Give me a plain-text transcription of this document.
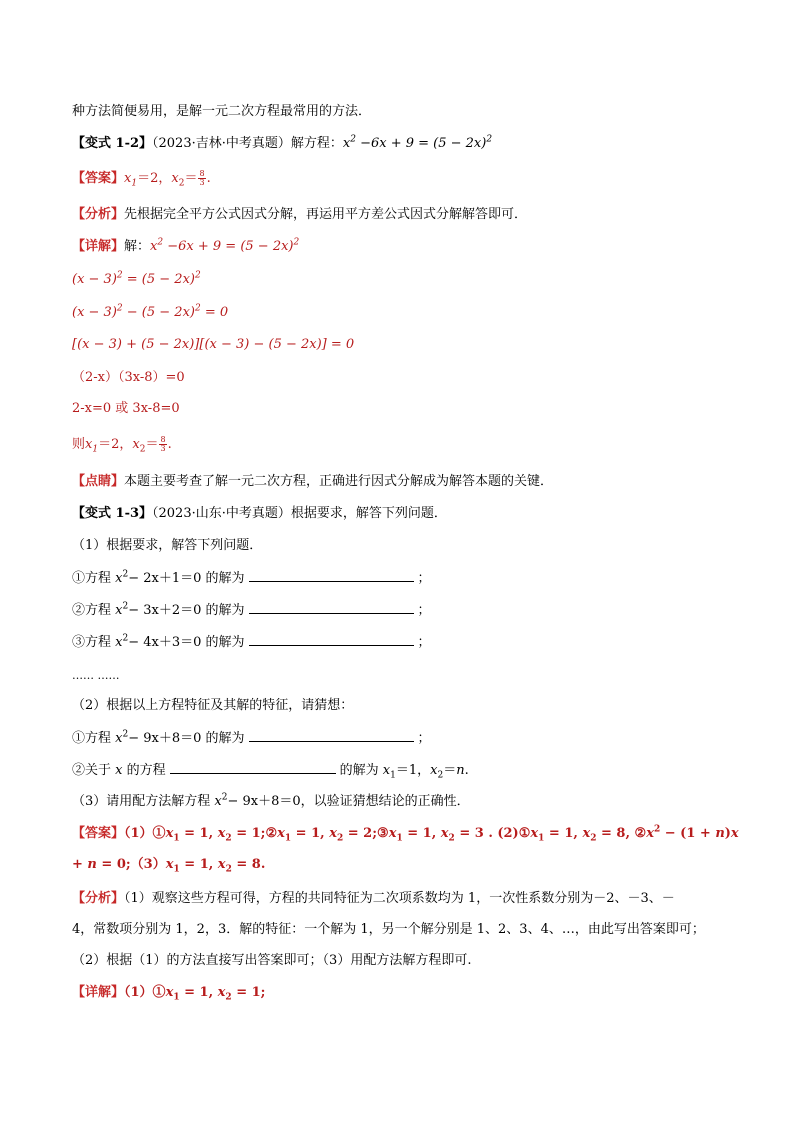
种方法简便易用，是解一元二次方程最常用的方法．
【变式 1-2】（2023·吉林·中考真题）解方程：$x^2 -6x + 9 = (5 - 2x)^2$
【答案】$x_1=2$，$x_2= \frac{8}{3}$ .
【分析】先根据完全平方公式因式分解，再运用平方差公式因式分解解答即可．
【详解】解：$x^2 -6x + 9 = (5 - 2x)^2$
$(x - 3)^2 = (5 - 2x)^2$
$(x - 3)^2 - (5 - 2x)^2 = 0$
[(x − 3) + (5 − 2x)][(x − 3) − (5 − 2x)] = 0
（2-x）（3x-8）=0
2-x=0 或 3x-8=0
则$x_1=2$，$x_2= \frac{8}{3}$ .
【点睛】本题主要考查了解一元二次方程，正确进行因式分解成为解答本题的关键．
【变式 1-3】（2023·山东·中考真题）根据要求，解答下列问题．
（1）根据要求，解答下列问题．
①方程 $x^2- 2x+1=0$ 的解为	；
②方程 $x^2- 3x+2=0$ 的解为	；
③方程 $x^2- 4x+3=0$ 的解为	；
…… ……
（2）根据以上方程特征及其解的特征，请猜想：
①方程 $x^2- 9x+8=0$ 的解为	；
②关于 x 的方程	的解为 $x_1=1$，$x_2=n$.
（3）请用配方法解方程 $x^2- 9x+8=0$，以验证猜想结论的正确性．
【答案】$(1)①x_1 = 1$, $x_2$ = $1;②x_1 = 1$, $x_2$ = $2;③x_1 = 1$, $x_2 = 3$ . $(2)①x_1 = 1$, $x_2 = 8$, $②x^2 - (1 + n)x$
+ $n = 0;(3)x_1 = 1$, $x_2 = 8$.
【分析】（1）观察这些方程可得，方程的共同特征为二次项系数均为 1，一次性系数分别为－2、－3、－
4，常数项分别为 1，2，3．解的特征：一个解为 1，另一个解分别是 1、2、3、4、…，由此写出答案即可；
（2）根据（1）的方法直接写出答案即可；（3）用配方法解方程即可.
【详解】$(1)①x_1 = 1$, $x_2 = 1$;
